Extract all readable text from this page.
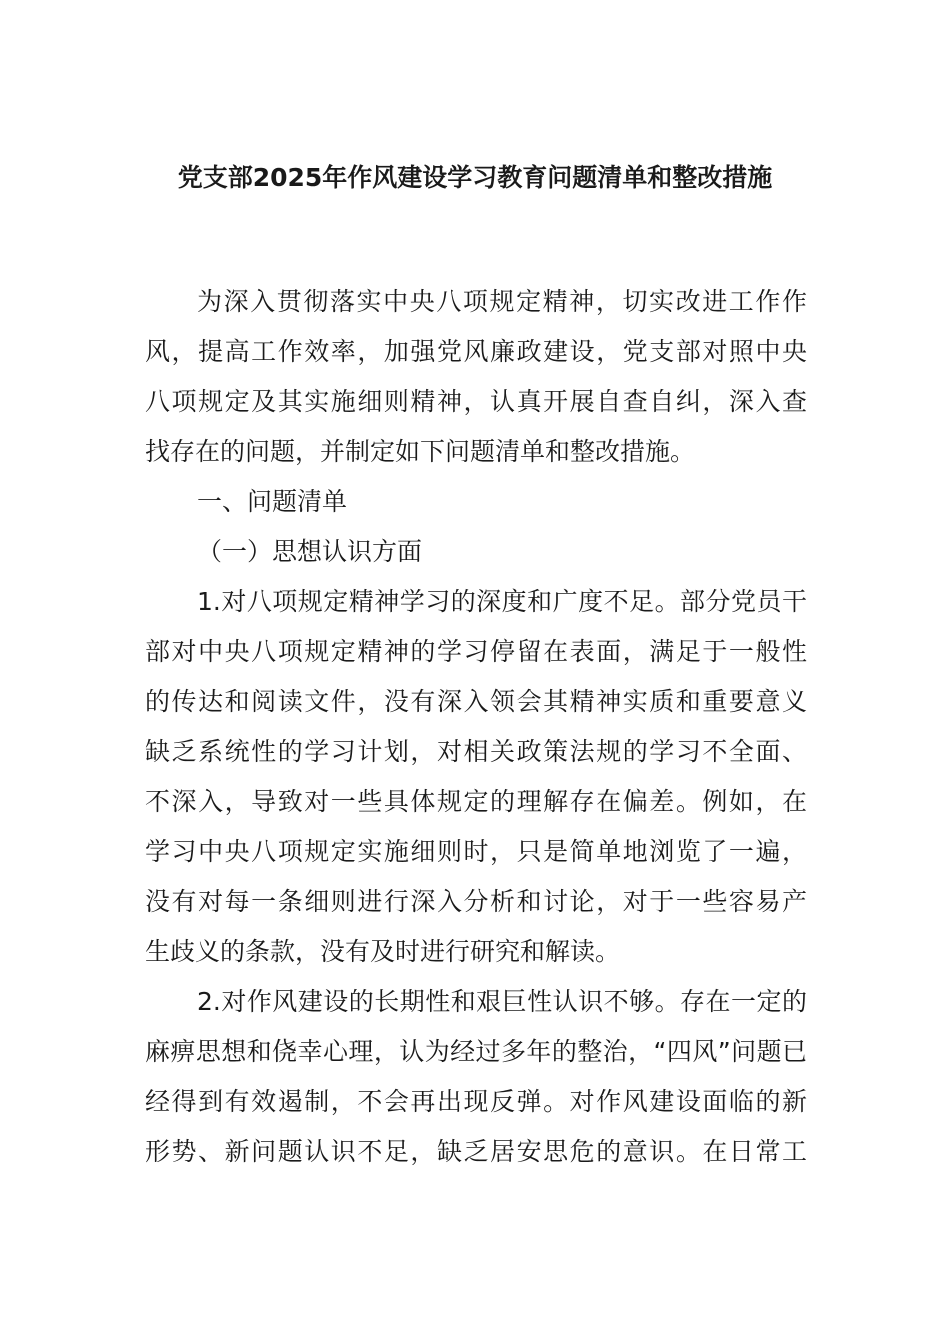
党支部2025年作风建设学习教育问题清单和整改措施
为深入贯彻落实中央八项规定精神，切实改进工作作
风，提高工作效率，加强党风廉政建设，党支部对照中央
八项规定及其实施细则精神，认真开展自查自纠，深入查
找存在的问题，并制定如下问题清单和整改措施。
一、问题清单
（一）思想认识方面
1.对八项规定精神学习的深度和广度不足。部分党员干
部对中央八项规定精神的学习停留在表面，满足于一般性
的传达和阅读文件，没有深入领会其精神实质和重要意义
缺乏系统性的学习计划，对相关政策法规的学习不全面、
不深入，导致对一些具体规定的理解存在偏差。例如，在
学习中央八项规定实施细则时，只是简单地浏览了一遍，
没有对每一条细则进行深入分析和讨论，对于一些容易产
生歧义的条款，没有及时进行研究和解读。
2.对作风建设的长期性和艰巨性认识不够。存在一定的
麻痹思想和侥幸心理，认为经过多年的整治，“四风”问题已
经得到有效遏制，不会再出现反弹。对作风建设面临的新
形势、新问题认识不足，缺乏居安思危的意识。在日常工
